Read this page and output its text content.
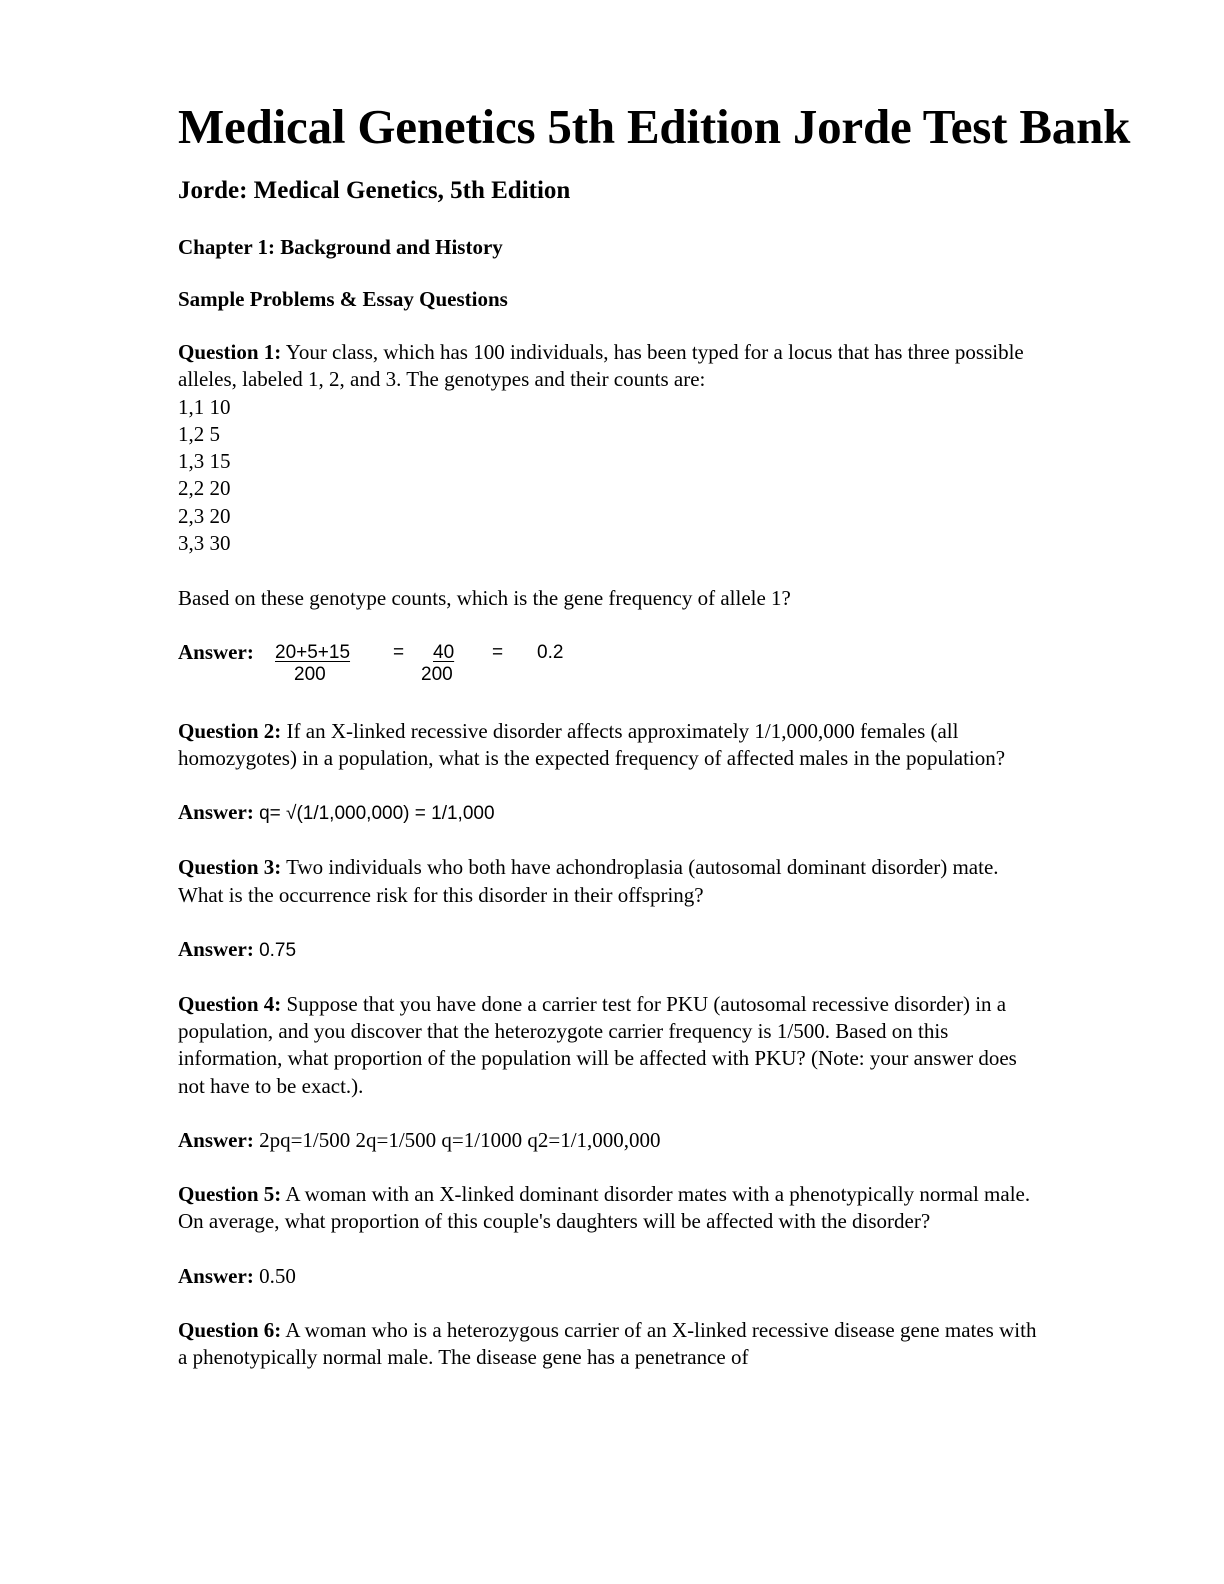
Medical Genetics 5th Edition Jorde Test Bank
Jorde: Medical Genetics, 5th Edition
Chapter 1: Background and History
Sample Problems & Essay Questions

Question 1: Your class, which has 100 individuals, has been typed for a locus that has three possible alleles, labeled 1, 2, and 3. The genotypes and their counts are:

1,1 10
1,2 5
1,3 15
2,2 20
2,3 20
3,3 30

Based on these genotype counts, which is the gene frequency of allele 1?

Answer: 20+5+15
200
= 40
200
= 0.2

Question 2: If an X-linked recessive disorder affects approximately 1/1,000,000 females (all homozygotes) in a population, what is the expected frequency of affected males in the population?

Answer: q= √(1/1,000,000) = 1/1,000

Question 3: Two individuals who both have achondroplasia (autosomal dominant disorder) mate. What is the occurrence risk for this disorder in their offspring?

Answer: 0.75

Question 4: Suppose that you have done a carrier test for PKU (autosomal recessive disorder) in a population, and you discover that the heterozygote carrier frequency is 1/500. Based on this information, what proportion of the population will be affected with PKU? (Note: your answer does not have to be exact.).

Answer: 2pq=1/500 2q=1/500 q=1/1000 q2=1/1,000,000

Question 5: A woman with an X-linked dominant disorder mates with a phenotypically normal male. On average, what proportion of this couple's daughters will be affected with the disorder?

Answer: 0.50

Question 6: A woman who is a heterozygous carrier of an X-linked recessive disease gene mates with a phenotypically normal male. The disease gene has a penetrance of
